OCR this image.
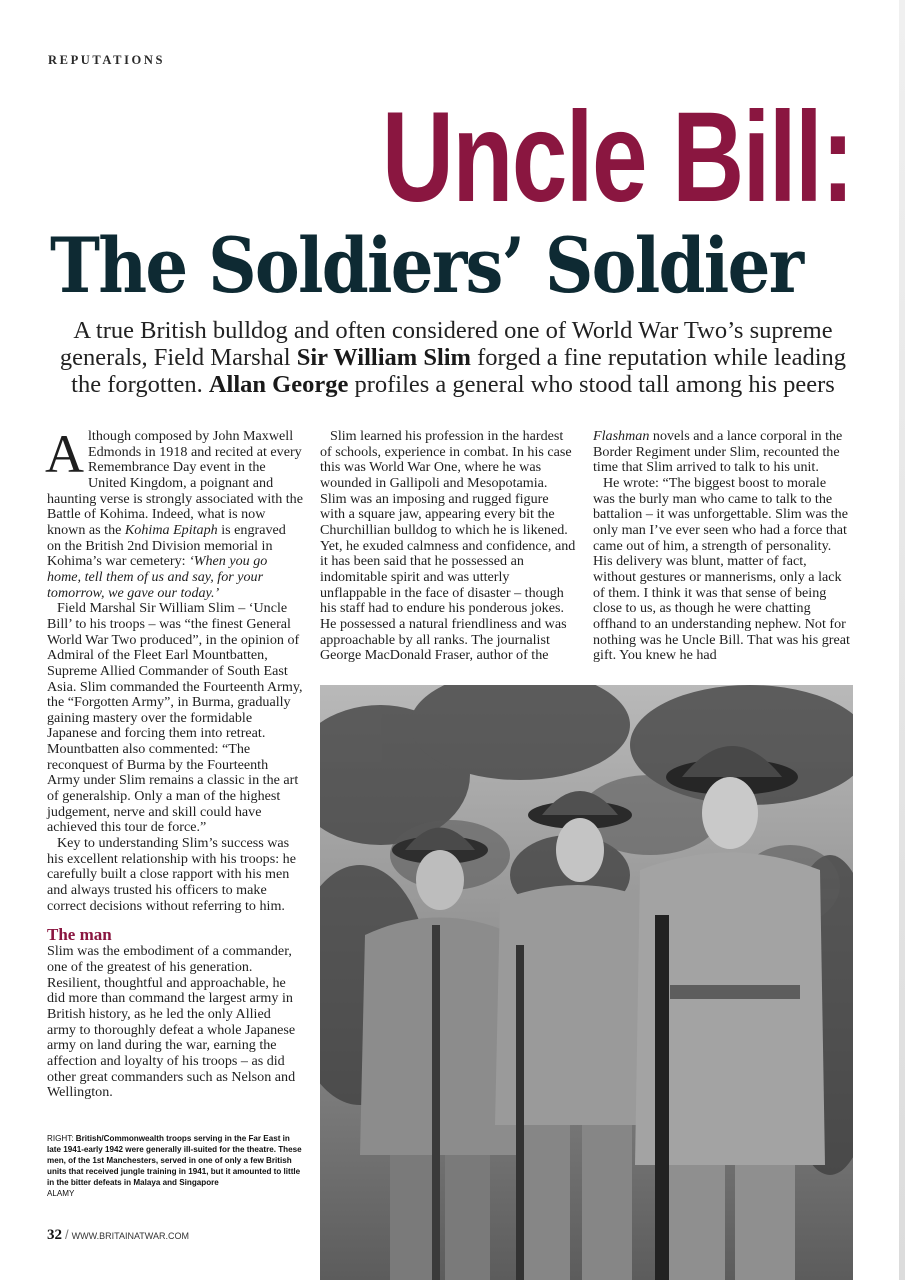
REPUTATIONS
Uncle Bill:
The Soldiers’ Soldier
A true British bulldog and often considered one of World War Two’s supreme generals, Field Marshal Sir William Slim forged a fine reputation while leading the forgotten. Allan George profiles a general who stood tall among his peers

Although composed by John Maxwell Edmonds in 1918 and recited at every Remembrance Day event in the United Kingdom, a poignant and haunting verse is strongly associated with the Battle of Kohima. Indeed, what is now known as the Kohima Epitaph is engraved on the British 2nd Division memorial in Kohima’s war cemetery: ‘When you go home, tell them of us and say, for your tomorrow, we gave our today.’

Field Marshal Sir William Slim – ‘Uncle Bill’ to his troops – was “the finest General World War Two produced”, in the opinion of Admiral of the Fleet Earl Mountbatten, Supreme Allied Commander of South East Asia. Slim commanded the Fourteenth Army, the “Forgotten Army”, in Burma, gradually gaining mastery over the formidable Japanese and forcing them into retreat. Mountbatten also commented: “The reconquest of Burma by the Fourteenth Army under Slim remains a classic in the art of generalship. Only a man of the highest judgement, nerve and skill could have achieved this tour de force.”

Key to understanding Slim’s success was his excellent relationship with his troops: he carefully built a close rapport with his men and always trusted his officers to make correct decisions without referring to him.

The man

Slim was the embodiment of a commander, one of the greatest of his generation. Resilient, thoughtful and approachable, he did more than command the largest army in British history, as he led the only Allied army to thoroughly defeat a whole Japanese army on land during the war, earning the affection and loyalty of his troops – as did other great commanders such as Nelson and Wellington.

Slim learned his profession in the hardest of schools, experience in combat. In his case this was World War One, where he was wounded in Gallipoli and Mesopotamia. Slim was an imposing and rugged figure with a square jaw, appearing every bit the Churchillian bulldog to which he is likened. Yet, he exuded calmness and confidence, and it has been said that he possessed an indomitable spirit and was utterly unflappable in the face of disaster – though his staff had to endure his ponderous jokes. He possessed a natural friendliness and was approachable by all ranks. The journalist George MacDonald Fraser, author of the

Flashman novels and a lance corporal in the Border Regiment under Slim, recounted the time that Slim arrived to talk to his unit.

He wrote: “The biggest boost to morale was the burly man who came to talk to the battalion – it was unforgettable. Slim was the only man I’ve ever seen who had a force that came out of him, a strength of personality. His delivery was blunt, matter of fact, without gestures or mannerisms, only a lack of them. I think it was that sense of being close to us, as though he were chatting offhand to an understanding nephew. Not for nothing was he Uncle Bill. That was his great gift. You knew he had

RIGHT: British/Commonwealth troops serving in the Far East in late 1941-early 1942 were generally ill-suited for the theatre. These men, of the 1st Manchesters, served in one of only a few British units that received jungle training in 1941, but it amounted to little in the bitter defeats in Malaya and Singapore
ALAMY
32 / WWW.BRITAINATWAR.COM
